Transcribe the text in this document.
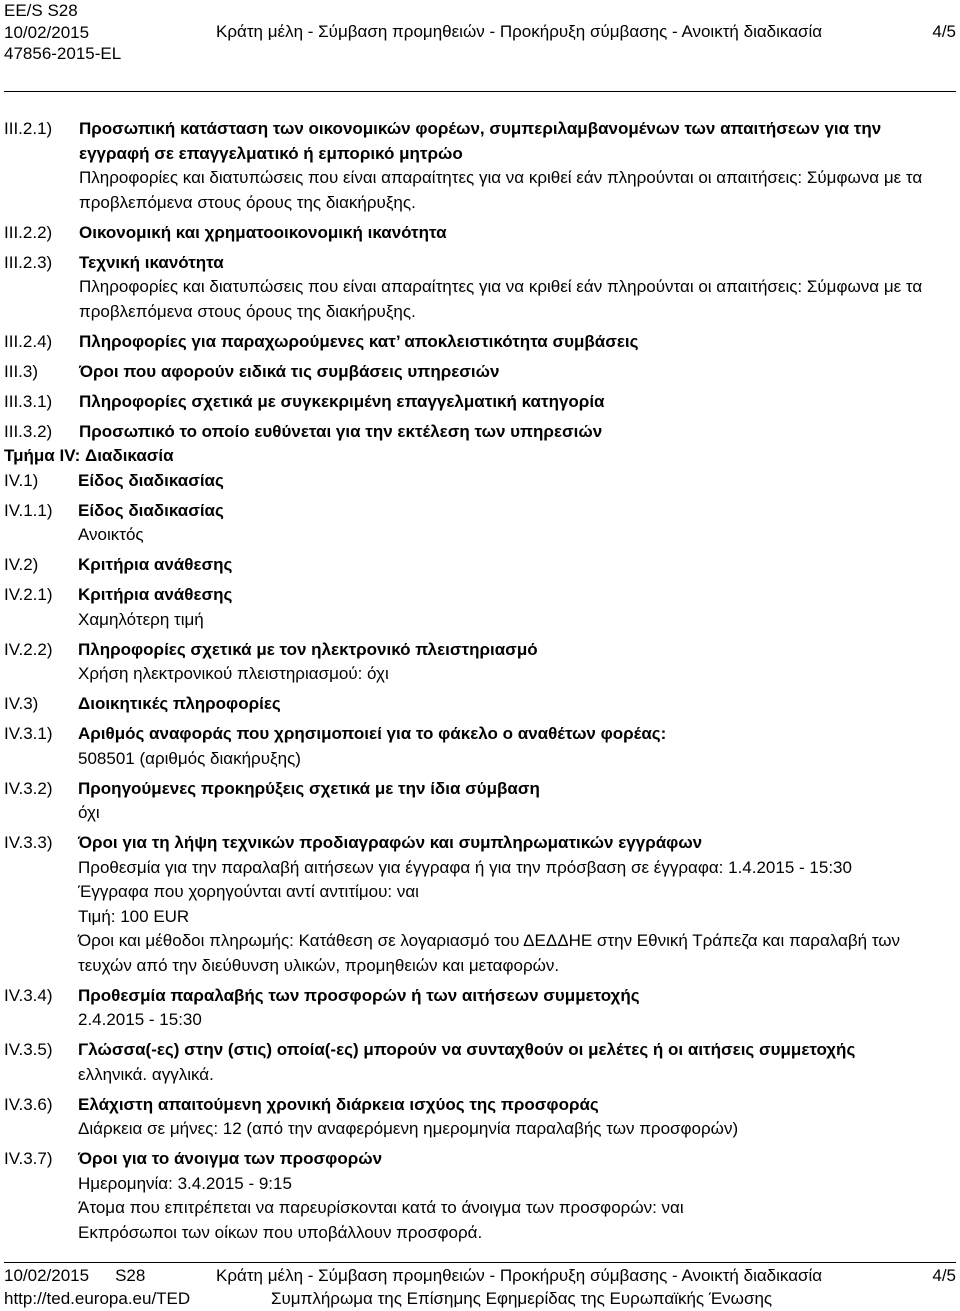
EE/S S28
10/02/2015
47856-2015-EL
Κράτη μέλη - Σύμβαση προμηθειών - Προκήρυξη σύμβασης - Ανοικτή διαδικασία	4/5
III.2.1)	Προσωπική κατάσταση των οικονομικών φορέων, συμπεριλαμβανομένων των απαιτήσεων για την εγγραφή σε επαγγελματικό ή εμπορικό μητρώο
Πληροφορίες και διατυπώσεις που είναι απαραίτητες για να κριθεί εάν πληρούνται οι απαιτήσεις: Σύμφωνα με τα προβλεπόμενα στους όρους της διακήρυξης.
III.2.2)	Οικονομική και χρηματοοικονομική ικανότητα
III.2.3)	Τεχνική ικανότητα
Πληροφορίες και διατυπώσεις που είναι απαραίτητες για να κριθεί εάν πληρούνται οι απαιτήσεις: Σύμφωνα με τα προβλεπόμενα στους όρους της διακήρυξης.
III.2.4)	Πληροφορίες για παραχωρούμενες κατ’ αποκλειστικότητα συμβάσεις
III.3)	Όροι που αφορούν ειδικά τις συμβάσεις υπηρεσιών
III.3.1)	Πληροφορίες σχετικά με συγκεκριμένη επαγγελματική κατηγορία
III.3.2)	Προσωπικό το οποίο ευθύνεται για την εκτέλεση των υπηρεσιών
Τμήμα IV: Διαδικασία
IV.1)	Είδος διαδικασίας
IV.1.1)	Είδος διαδικασίας
Ανοικτός
IV.2)	Κριτήρια ανάθεσης
IV.2.1)	Κριτήρια ανάθεσης
Χαμηλότερη τιμή
IV.2.2)	Πληροφορίες σχετικά με τον ηλεκτρονικό πλειστηριασμό
Χρήση ηλεκτρονικού πλειστηριασμού: όχι
IV.3)	Διοικητικές πληροφορίες
IV.3.1)	Αριθμός αναφοράς που χρησιμοποιεί για το φάκελο ο αναθέτων φορέας:
508501 (αριθμός διακήρυξης)
IV.3.2)	Προηγούμενες προκηρύξεις σχετικά με την ίδια σύμβαση
όχι
IV.3.3)	Όροι για τη λήψη τεχνικών προδιαγραφών και συμπληρωματικών εγγράφων
Προθεσμία για την παραλαβή αιτήσεων για έγγραφα ή για την πρόσβαση σε έγγραφα: 1.4.2015 - 15:30
Έγγραφα που χορηγούνται αντί αντιτίμου: ναι
Τιμή: 100 EUR
Όροι και μέθοδοι πληρωμής: Κατάθεση σε λογαριασμό του ΔΕΔΔΗΕ στην Εθνική Τράπεζα και παραλαβή των τευχών από την διεύθυνση υλικών, προμηθειών και μεταφορών.
IV.3.4)	Προθεσμία παραλαβής των προσφορών ή των αιτήσεων συμμετοχής
2.4.2015 - 15:30
IV.3.5)	Γλώσσα(-ες) στην (στις) οποία(-ες) μπορούν να συνταχθούν οι μελέτες ή οι αιτήσεις συμμετοχής
ελληνικά. αγγλικά.
IV.3.6)	Ελάχιστη απαιτούμενη χρονική διάρκεια ισχύος της προσφοράς
Διάρκεια σε μήνες: 12 (από την αναφερόμενη ημερομηνία παραλαβής των προσφορών)
IV.3.7)	Όροι για το άνοιγμα των προσφορών
Ημερομηνία: 3.4.2015 - 9:15
Άτομα που επιτρέπεται να παρευρίσκονται κατά το άνοιγμα των προσφορών: ναι
Εκπρόσωποι των οίκων που υποβάλλουν προσφορά.
10/02/2015 S28
http://ted.europa.eu/TED
Κράτη μέλη - Σύμβαση προμηθειών - Προκήρυξη σύμβασης - Ανοικτή διαδικασία
Συμπλήρωμα της Επίσημης Εφημερίδας της Ευρωπαϊκής Ένωσης
4/5
